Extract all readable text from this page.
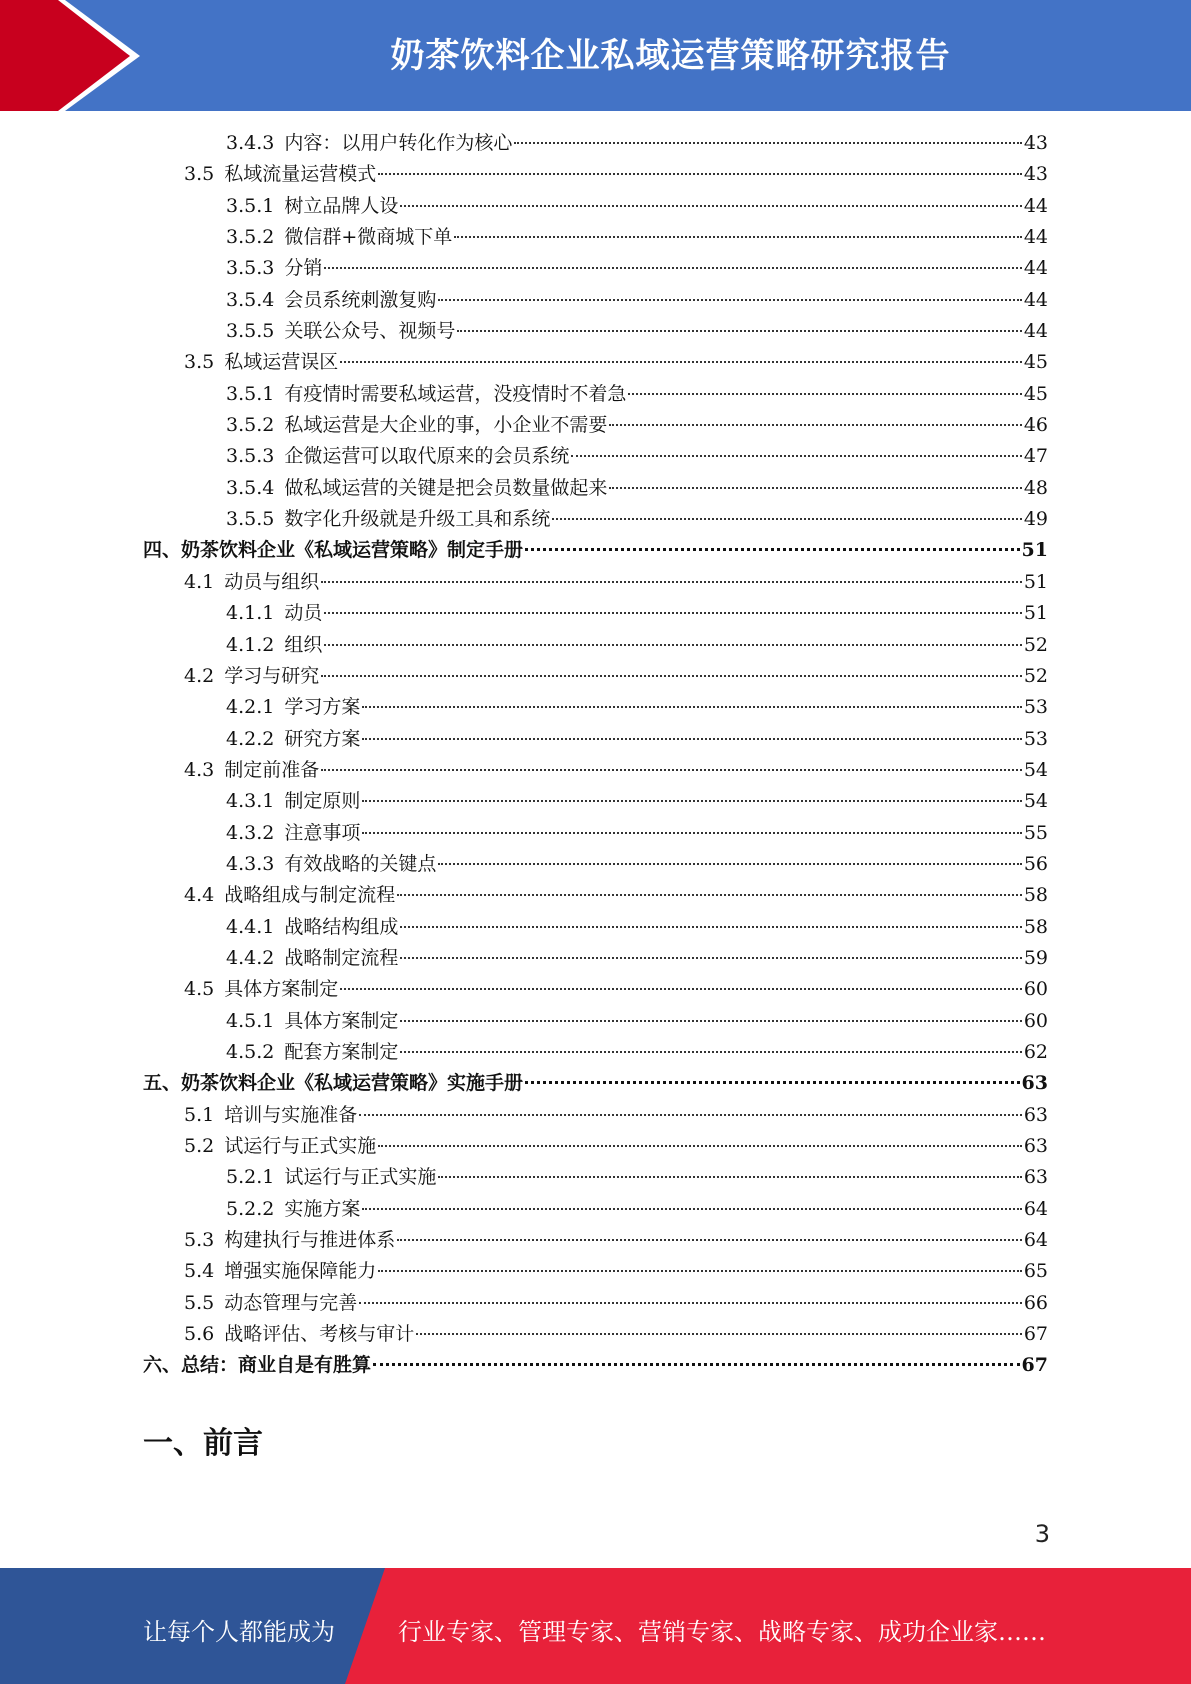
奶茶饮料企业私域运营策略研究报告
3.4.3 内容：以用户转化作为核心	43
3.5 私域流量运营模式	43
3.5.1 树立品牌人设	44
3.5.2 微信群+微商城下单	44
3.5.3 分销	44
3.5.4 会员系统刺激复购	44
3.5.5 关联公众号、视频号	44
3.5 私域运营误区	45
3.5.1 有疫情时需要私域运营，没疫情时不着急	45
3.5.2 私域运营是大企业的事，小企业不需要	46
3.5.3 企微运营可以取代原来的会员系统	47
3.5.4 做私域运营的关键是把会员数量做起来	48
3.5.5 数字化升级就是升级工具和系统	49
四、奶茶饮料企业《私域运营策略》制定手册	51
4.1 动员与组织	51
4.1.1 动员	51
4.1.2 组织	52
4.2 学习与研究	52
4.2.1 学习方案	53
4.2.2 研究方案	53
4.3 制定前准备	54
4.3.1 制定原则	54
4.3.2 注意事项	55
4.3.3 有效战略的关键点	56
4.4 战略组成与制定流程	58
4.4.1 战略结构组成	58
4.4.2 战略制定流程	59
4.5 具体方案制定	60
4.5.1 具体方案制定	60
4.5.2 配套方案制定	62
五、奶茶饮料企业《私域运营策略》实施手册	63
5.1 培训与实施准备	63
5.2 试运行与正式实施	63
5.2.1 试运行与正式实施	63
5.2.2 实施方案	64
5.3 构建执行与推进体系	64
5.4 增强实施保障能力	65
5.5 动态管理与完善	66
5.6 战略评估、考核与审计	67
六、总结：商业自是有胜算	67
一、前言
3
让每个人都能成为	行业专家、管理专家、营销专家、战略专家、成功企业家……
